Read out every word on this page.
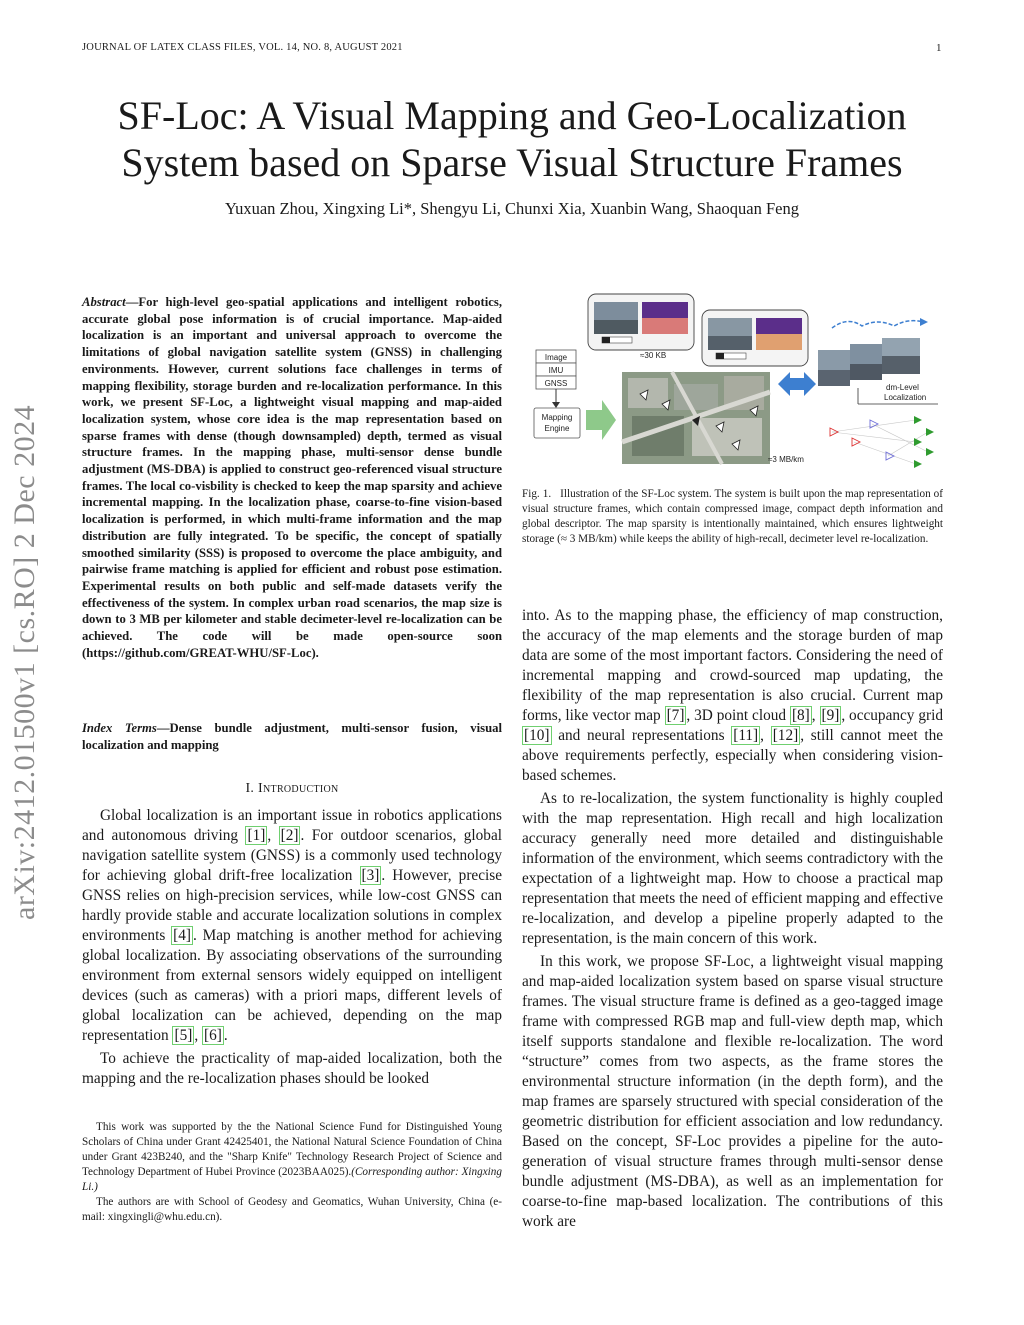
JOURNAL OF LATEX CLASS FILES, VOL. 14, NO. 8, AUGUST 2021	1
arXiv:2412.01500v1 [cs.RO] 2 Dec 2024
SF-Loc: A Visual Mapping and Geo-Localization
System based on Sparse Visual Structure Frames
Yuxuan Zhou, Xingxing Li*, Shengyu Li, Chunxi Xia, Xuanbin Wang, Shaoquan Feng
Abstract—For high-level geo-spatial applications and intelligent robotics, accurate global pose information is of crucial importance. Map-aided localization is an important and universal approach to overcome the limitations of global navigation satellite system (GNSS) in challenging environments. However, current solutions face challenges in terms of mapping flexibility, storage burden and re-localization performance. In this work, we present SF-Loc, a lightweight visual mapping and map-aided localization system, whose core idea is the map representation based on sparse frames with dense (though downsampled) depth, termed as visual structure frames. In the mapping phase, multi-sensor dense bundle adjustment (MS-DBA) is applied to construct geo-referenced visual structure frames. The local co-visbility is checked to keep the map sparsity and achieve incremental mapping. In the localization phase, coarse-to-fine vision-based localization is performed, in which multi-frame information and the map distribution are fully integrated. To be specific, the concept of spatially smoothed similarity (SSS) is proposed to overcome the place ambiguity, and pairwise frame matching is applied for efficient and robust pose estimation. Experimental results on both public and self-made datasets verify the effectiveness of the system. In complex urban road scenarios, the map size is down to 3 MB per kilometer and stable decimeter-level re-localization can be achieved. The code will be made open-source soon (https://github.com/GREAT-WHU/SF-Loc).
Index Terms—Dense bundle adjustment, multi-sensor fusion, visual localization and mapping
I. Introduction

Global localization is an important issue in robotics applications and autonomous driving [1] , [2] . For outdoor scenarios, global navigation satellite system (GNSS) is a commonly used technology for achieving global drift-free localization [3] . However, precise GNSS relies on high-precision services, while low-cost GNSS can hardly provide stable and accurate localization solutions in complex environments [4] . Map matching is another method for achieving global localization. By associating observations of the surrounding environment from external sensors widely equipped on intelligent devices (such as cameras) with a priori maps, different levels of global localization can be achieved, depending on the map representation [5] , [6] .

To achieve the practicality of map-aided localization, both the mapping and the re-localization phases should be looked

This work was supported by the the National Science Fund for Distinguished Young Scholars of China under Grant 42425401, the National Natural Science Foundation of China under Grant 423B240, and the "Sharp Knife" Technology Research Project of Science and Technology Department of Hubei Province (2023BAA025).(Corresponding author: Xingxing Li.)

The authors are with School of Geodesy and Geomatics, Wuhan University, China (e-mail: xingxingli@whu.edu.cn).

Image
IMU
GNSS
Mapping
Engine
≈30 KB
≈3 MB/km
dm-Level
Localization
Fig. 1. Illustration of the SF-Loc system. The system is built upon the map representation of visual structure frames, which contain compressed image, compact depth information and global descriptor. The map sparsity is intentionally maintained, which ensures lightweight storage (≈ 3 MB/km) while keeps the ability of high-recall, decimeter level re-localization.

into. As to the mapping phase, the efficiency of map construction, the accuracy of the map elements and the storage burden of map data are some of the most important factors. Considering the need of incremental mapping and crowd-sourced map updating, the flexibility of the map representation is also crucial. Current map forms, like vector map [7] , 3D point cloud [8] , [9] , occupancy grid [10] and neural representations [11] , [12] , still cannot meet the above requirements perfectly, especially when considering vision-based schemes.

As to re-localization, the system functionality is highly coupled with the map representation. High recall and high localization accuracy generally need more detailed and distinguishable information of the environment, which seems contradictory with the expectation of a lightweight map. How to choose a practical map representation that meets the need of efficient mapping and effective re-localization, and develop a pipeline properly adapted to the representation, is the main concern of this work.

In this work, we propose SF-Loc, a lightweight visual mapping and map-aided localization system based on sparse visual structure frames. The visual structure frame is defined as a geo-tagged image frame with compressed RGB map and full-view depth map, which itself supports standalone and flexible re-localization. The word “structure” comes from two aspects, as the frame stores the environmental structure information (in the depth form), and the map frames are sparsely structured with special consideration of the geometric distribution for efficient association and low redundancy. Based on the concept, SF-Loc provides a pipeline for the auto-generation of visual structure frames through multi-sensor dense bundle adjustment (MS-DBA), as well as an implementation for coarse-to-fine map-based localization. The contributions of this work are
